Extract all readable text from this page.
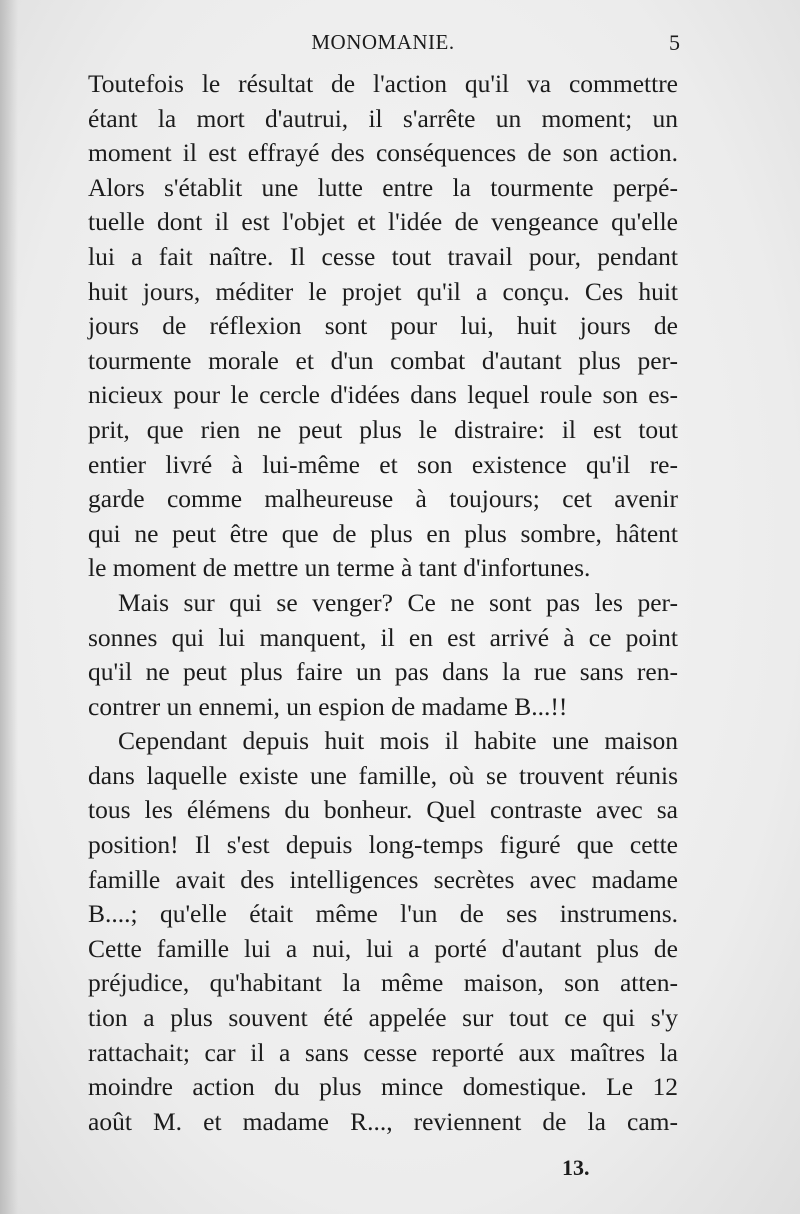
MONOMANIE.	5
Toutefois le résultat de l'action qu'il va commettre
étant la mort d'autrui, il s'arrête un moment; un
moment il est effrayé des conséquences de son action.
Alors s'établit une lutte entre la tourmente perpé-
tuelle dont il est l'objet et l'idée de vengeance qu'elle
lui a fait naître. Il cesse tout travail pour, pendant
huit jours, méditer le projet qu'il a conçu. Ces huit
jours de réflexion sont pour lui, huit jours de
tourmente morale et d'un combat d'autant plus per-
nicieux pour le cercle d'idées dans lequel roule son es-
prit, que rien ne peut plus le distraire: il est tout
entier livré à lui-même et son existence qu'il re-
garde comme malheureuse à toujours; cet avenir
qui ne peut être que de plus en plus sombre, hâtent
le moment de mettre un terme à tant d'infortunes.
Mais sur qui se venger? Ce ne sont pas les per-
sonnes qui lui manquent, il en est arrivé à ce point
qu'il ne peut plus faire un pas dans la rue sans ren-
contrer un ennemi, un espion de madame B...!!
Cependant depuis huit mois il habite une maison
dans laquelle existe une famille, où se trouvent réunis
tous les élémens du bonheur. Quel contraste avec sa
position! Il s'est depuis long-temps figuré que cette
famille avait des intelligences secrètes avec madame
B....; qu'elle était même l'un de ses instrumens.
Cette famille lui a nui, lui a porté d'autant plus de
préjudice, qu'habitant la même maison, son atten-
tion a plus souvent été appelée sur tout ce qui s'y
rattachait; car il a sans cesse reporté aux maîtres la
moindre action du plus mince domestique. Le 12
août M. et madame R..., reviennent de la cam-
13.
